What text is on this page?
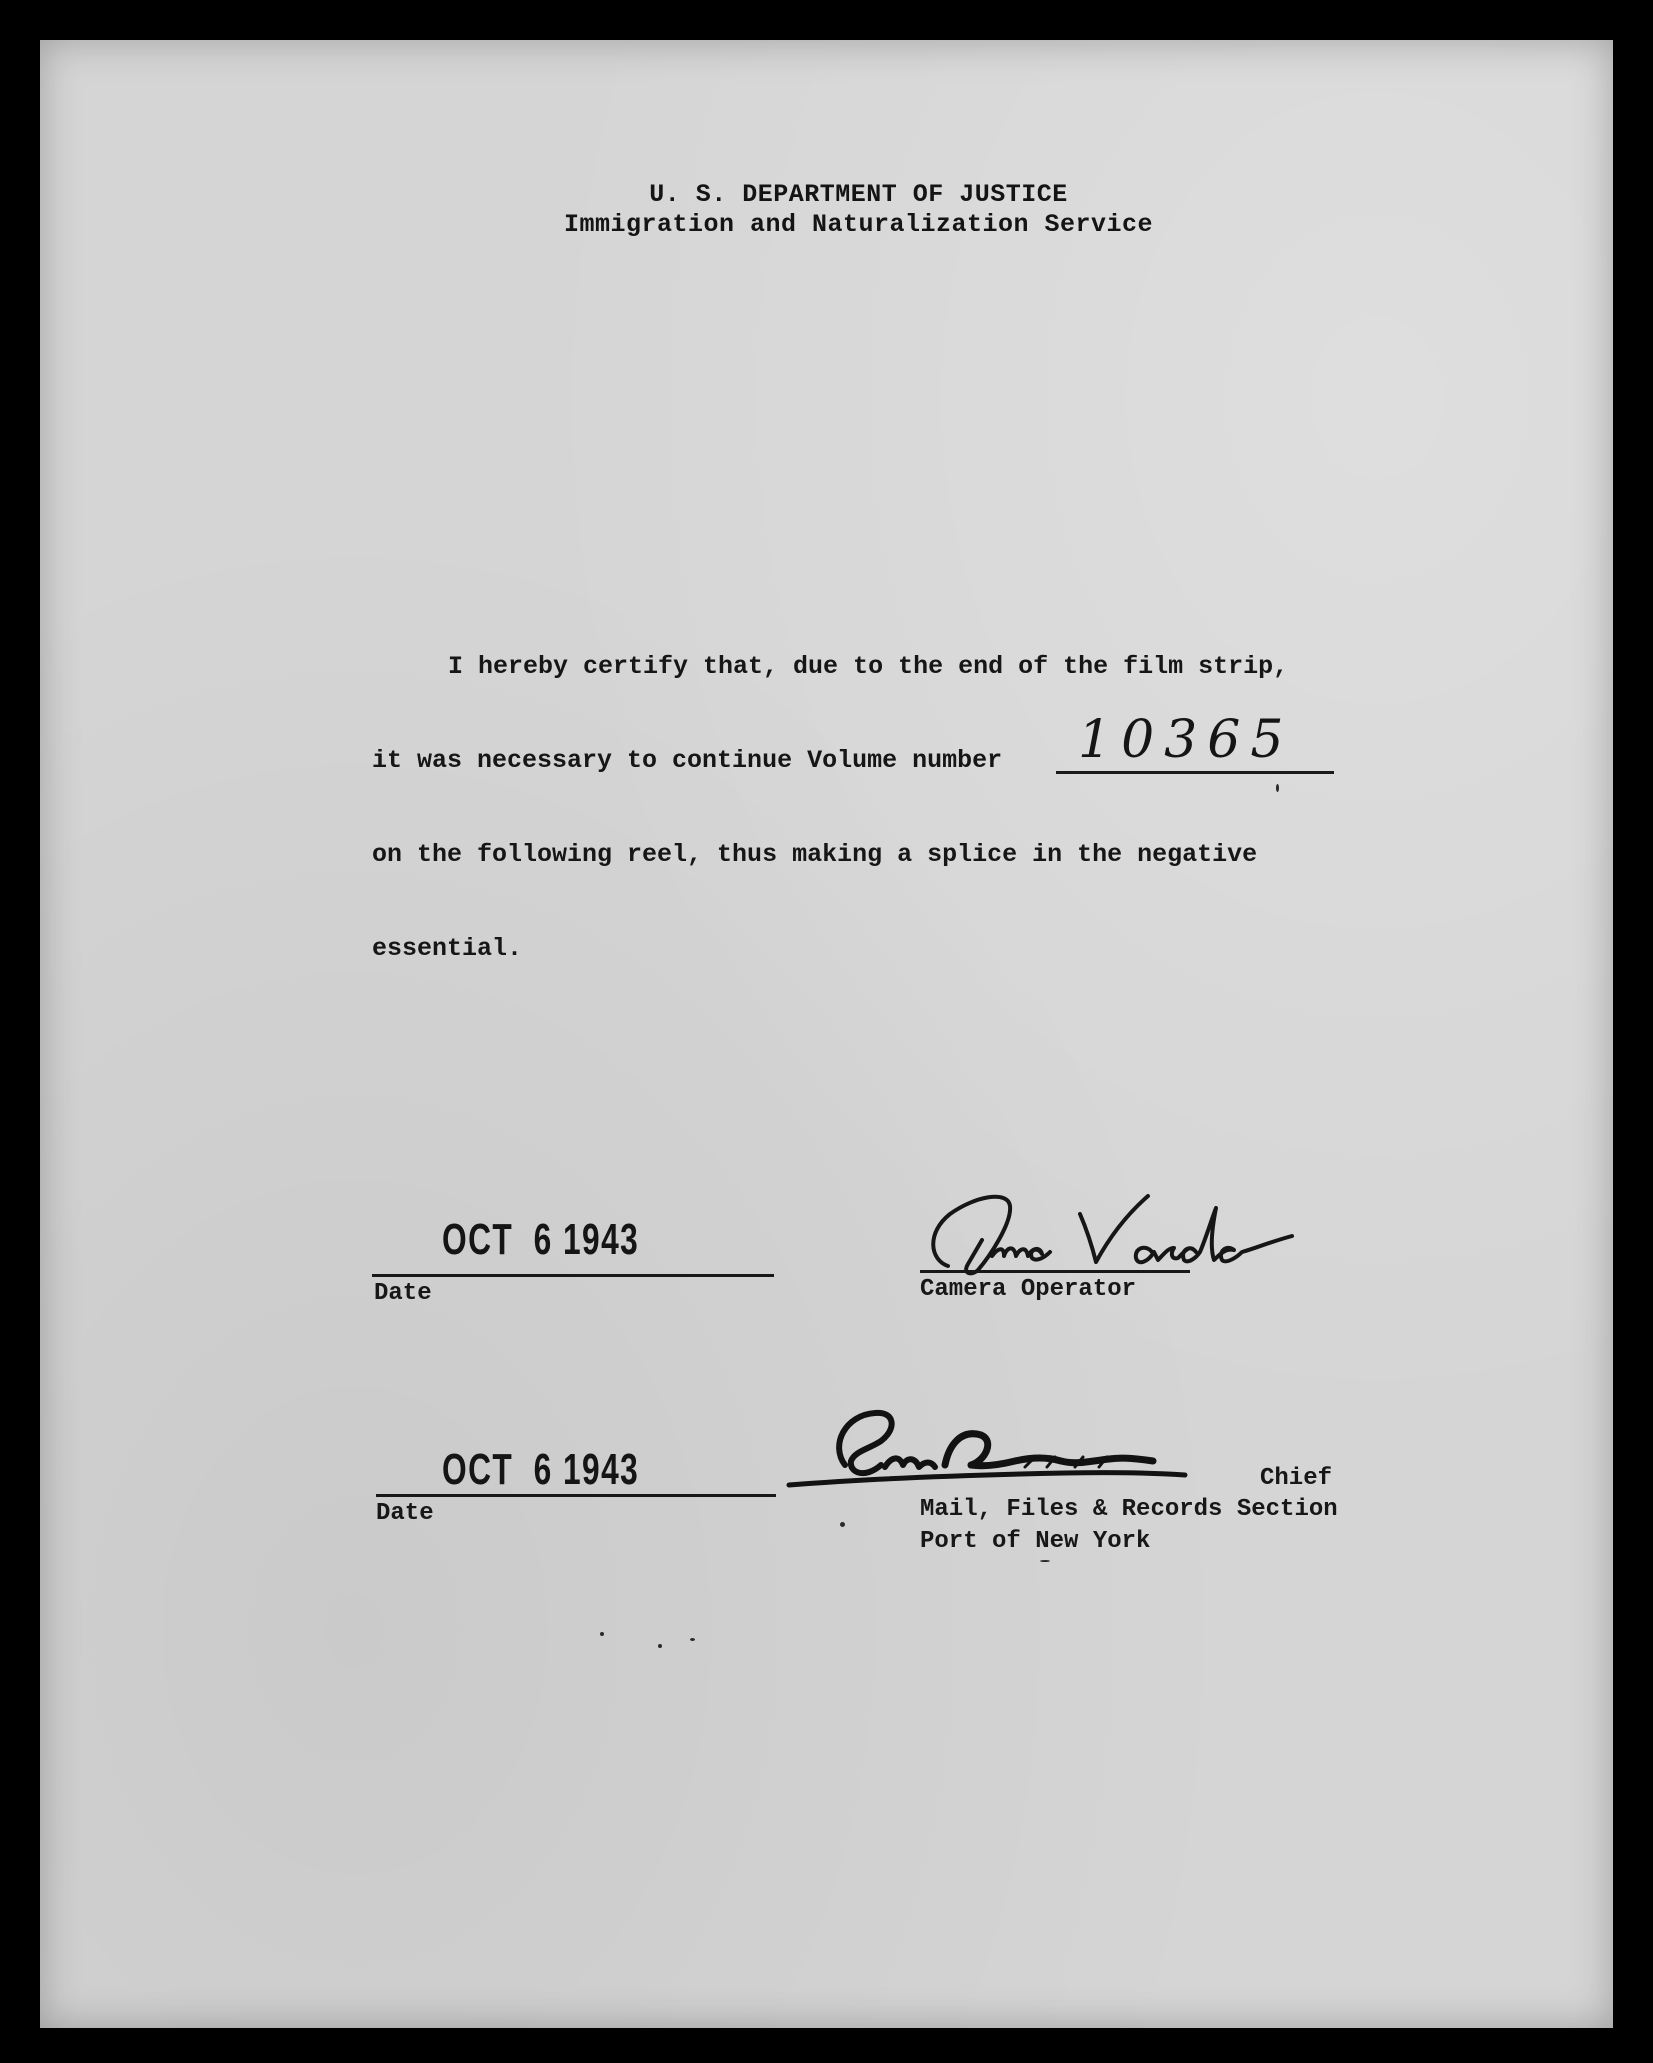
U. S. DEPARTMENT OF JUSTICE

Immigration and Naturalization Service

I hereby certify that, due to the end of the film strip,

it was necessary to continue Volume number 10365

on the following reel, thus making a splice in the negative

essential.

OCT  6 1943

Date	Camera Operator

OCT  6 1943

Date

Chief

Mail, Files & Records Section

Port of New York
